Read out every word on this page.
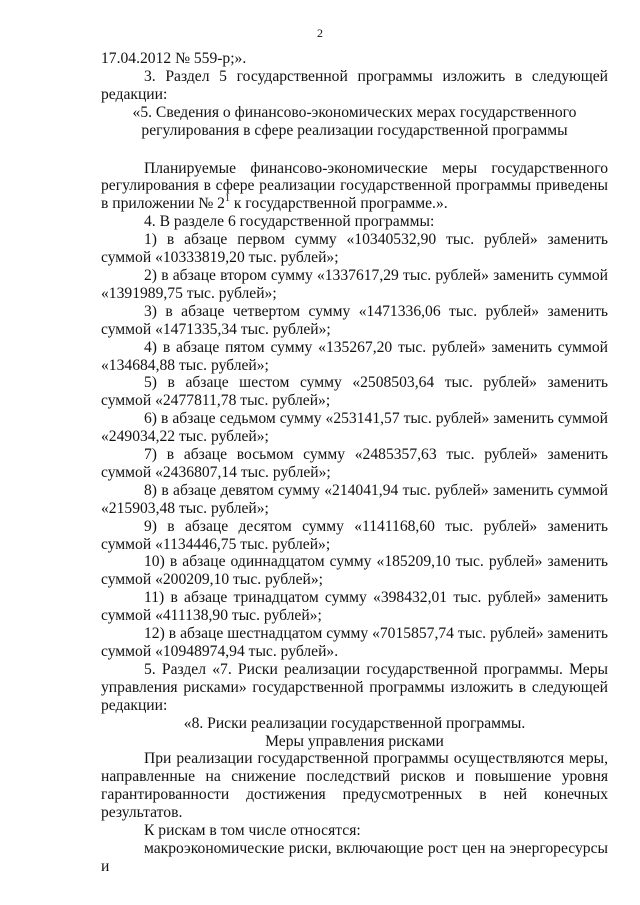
2

17.04.2012 № 559-р;».

3. Раздел 5 государственной программы изложить в следующей редакции:

«5. Сведения о финансово-экономических мерах государственного

регулирования в сфере реализации государственной программы

Планируемые финансово-экономические меры государственного регулирования в сфере реализации государственной программы приведены в приложении № $2^1$ к государственной программе.».

4. В разделе 6 государственной программы:

1) в абзаце первом сумму «10340532,90 тыс. рублей» заменить суммой «10333819,20 тыс. рублей»;

2) в абзаце втором сумму «1337617,29 тыс. рублей» заменить суммой «1391989,75 тыс. рублей»;

3) в абзаце четвертом сумму «1471336,06 тыс. рублей» заменить суммой «1471335,34 тыс. рублей»;

4) в абзаце пятом сумму «135267,20 тыс. рублей» заменить суммой «134684,88 тыс. рублей»;

5) в абзаце шестом сумму «2508503,64 тыс. рублей» заменить суммой «2477811,78 тыс. рублей»;

6) в абзаце седьмом сумму «253141,57 тыс. рублей» заменить суммой «249034,22 тыс. рублей»;

7) в абзаце восьмом сумму «2485357,63 тыс. рублей» заменить суммой «2436807,14 тыс. рублей»;

8) в абзаце девятом сумму «214041,94 тыс. рублей» заменить суммой «215903,48 тыс. рублей»;

9) в абзаце десятом сумму «1141168,60 тыс. рублей» заменить суммой «1134446,75 тыс. рублей»;

10) в абзаце одиннадцатом сумму «185209,10 тыс. рублей» заменить суммой «200209,10 тыс. рублей»;

11) в абзаце тринадцатом сумму «398432,01 тыс. рублей» заменить суммой «411138,90 тыс. рублей»;

12) в абзаце шестнадцатом сумму «7015857,74 тыс. рублей» заменить суммой «10948974,94 тыс. рублей».

5. Раздел «7. Риски реализации государственной программы. Меры управления рисками» государственной программы изложить в следующей редакции:

«8. Риски реализации государственной программы.

Меры управления рисками

При реализации государственной программы осуществляются меры, направленные на снижение последствий рисков и повышение уровня гарантированности достижения предусмотренных в ней конечных результатов.

К рискам в том числе относятся:

макроэкономические риски, включающие рост цен на энергоресурсы и
